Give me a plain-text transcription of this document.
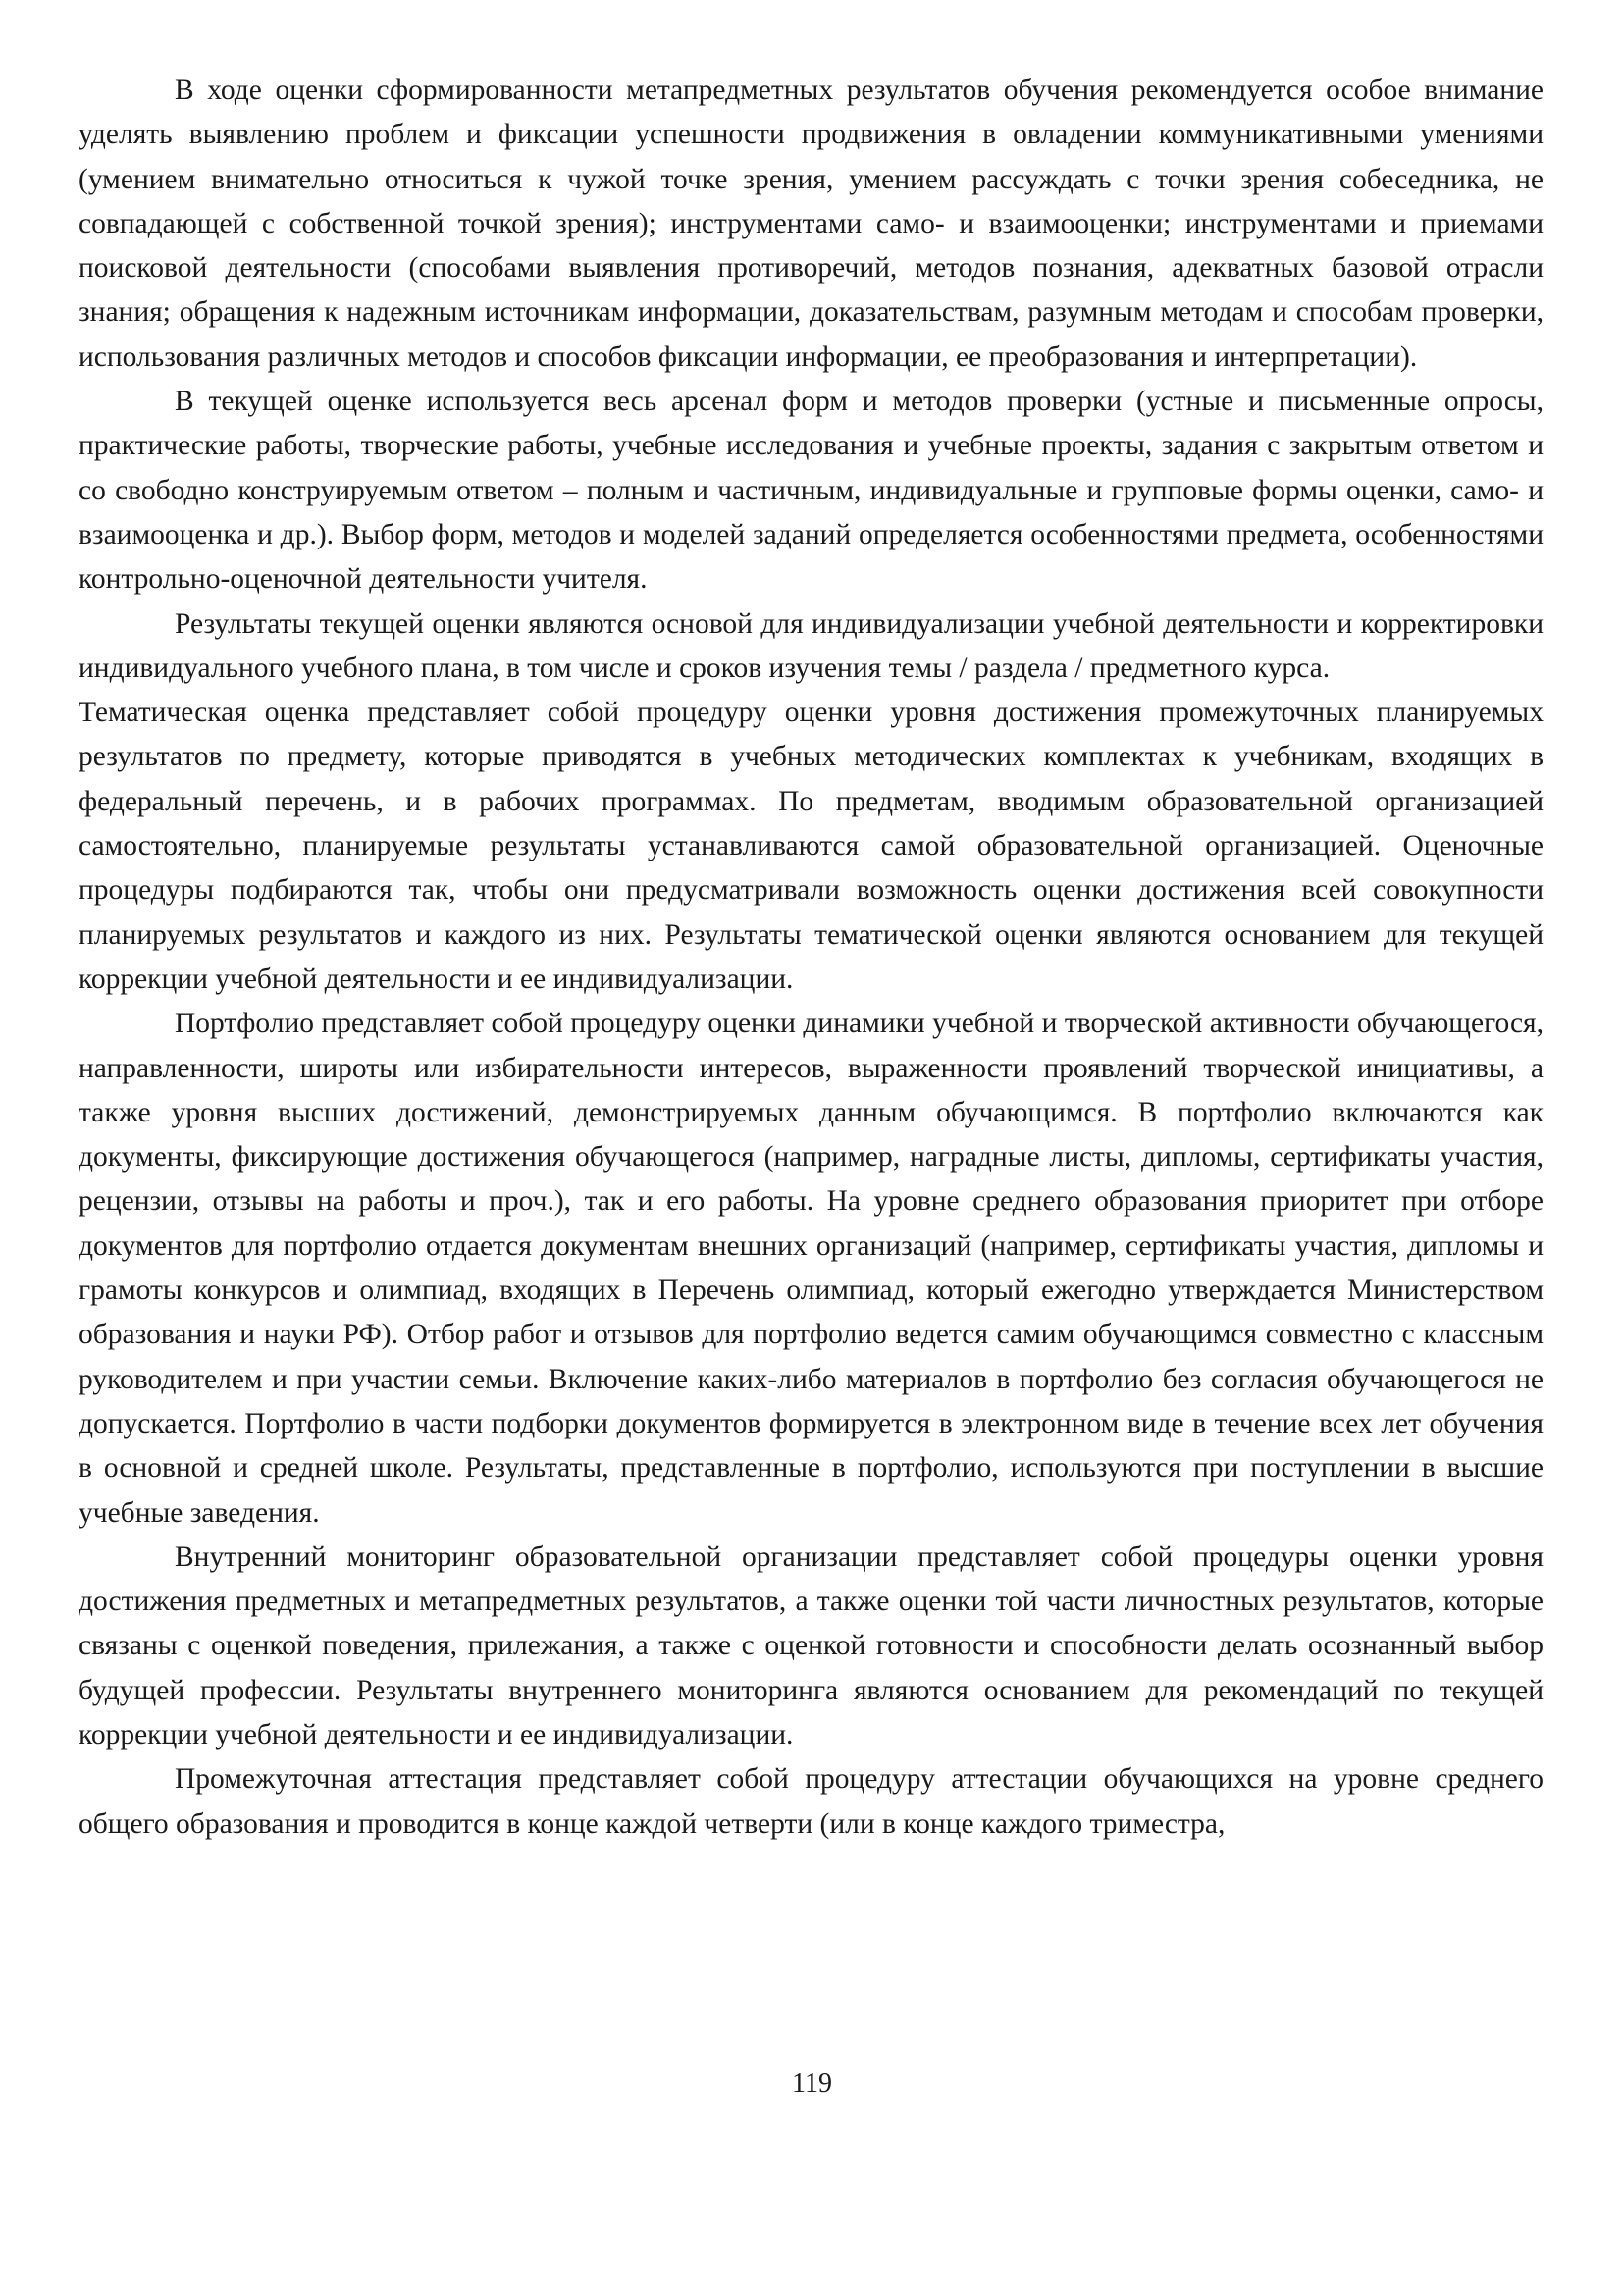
В ходе оценки сформированности метапредметных результатов обучения рекомендуется особое внимание уделять выявлению проблем и фиксации успешности продвижения в овладении коммуникативными умениями (умением внимательно относиться к чужой точке зрения, умением рассуждать с точки зрения собеседника, не совпадающей с собственной точкой зрения); инструментами само- и взаимооценки; инструментами и приемами поисковой деятельности (способами выявления противоречий, методов познания, адекватных базовой отрасли знания; обращения к надежным источникам информации, доказательствам, разумным методам и способам проверки, использования различных методов и способов фиксации информации, ее преобразования и интерпретации).

В текущей оценке используется весь арсенал форм и методов проверки (устные и письменные опросы, практические работы, творческие работы, учебные исследования и учебные проекты, задания с закрытым ответом и со свободно конструируемым ответом – полным и частичным, индивидуальные и групповые формы оценки, само- и взаимооценка и др.). Выбор форм, методов и моделей заданий определяется особенностями предмета, особенностями контрольно-оценочной деятельности учителя.

Результаты текущей оценки являются основой для индивидуализации учебной деятельности и корректировки индивидуального учебного плана, в том числе и сроков изучения темы / раздела / предметного курса.

Тематическая оценка представляет собой процедуру оценки уровня достижения промежуточных планируемых результатов по предмету, которые приводятся в учебных методических комплектах к учебникам, входящих в федеральный перечень, и в рабочих программах. По предметам, вводимым образовательной организацией самостоятельно, планируемые результаты устанавливаются самой образовательной организацией. Оценочные процедуры подбираются так, чтобы они предусматривали возможность оценки достижения всей совокупности планируемых результатов и каждого из них. Результаты тематической оценки являются основанием для текущей коррекции учебной деятельности и ее индивидуализации.

Портфолио представляет собой процедуру оценки динамики учебной и творческой активности обучающегося, направленности, широты или избирательности интересов, выраженности проявлений творческой инициативы, а также уровня высших достижений, демонстрируемых данным обучающимся. В портфолио включаются как документы, фиксирующие достижения обучающегося (например, наградные листы, дипломы, сертификаты участия, рецензии, отзывы на работы и проч.), так и его работы. На уровне среднего образования приоритет при отборе документов для портфолио отдается документам внешних организаций (например, сертификаты участия, дипломы и грамоты конкурсов и олимпиад, входящих в Перечень олимпиад, который ежегодно утверждается Министерством образования и науки РФ). Отбор работ и отзывов для портфолио ведется самим обучающимся совместно с классным руководителем и при участии семьи. Включение каких-либо материалов в портфолио без согласия обучающегося не допускается. Портфолио в части подборки документов формируется в электронном виде в течение всех лет обучения в основной и средней школе. Результаты, представленные в портфолио, используются при поступлении в высшие учебные заведения.

Внутренний мониторинг образовательной организации представляет собой процедуры оценки уровня достижения предметных и метапредметных результатов, а также оценки той части личностных результатов, которые связаны с оценкой поведения, прилежания, а также с оценкой готовности и способности делать осознанный выбор будущей профессии. Результаты внутреннего мониторинга являются основанием для рекомендаций по текущей коррекции учебной деятельности и ее индивидуализации.

Промежуточная аттестация представляет собой процедуру аттестации обучающихся на уровне среднего общего образования и проводится в конце каждой четверти (или в конце каждого триместра,

119
